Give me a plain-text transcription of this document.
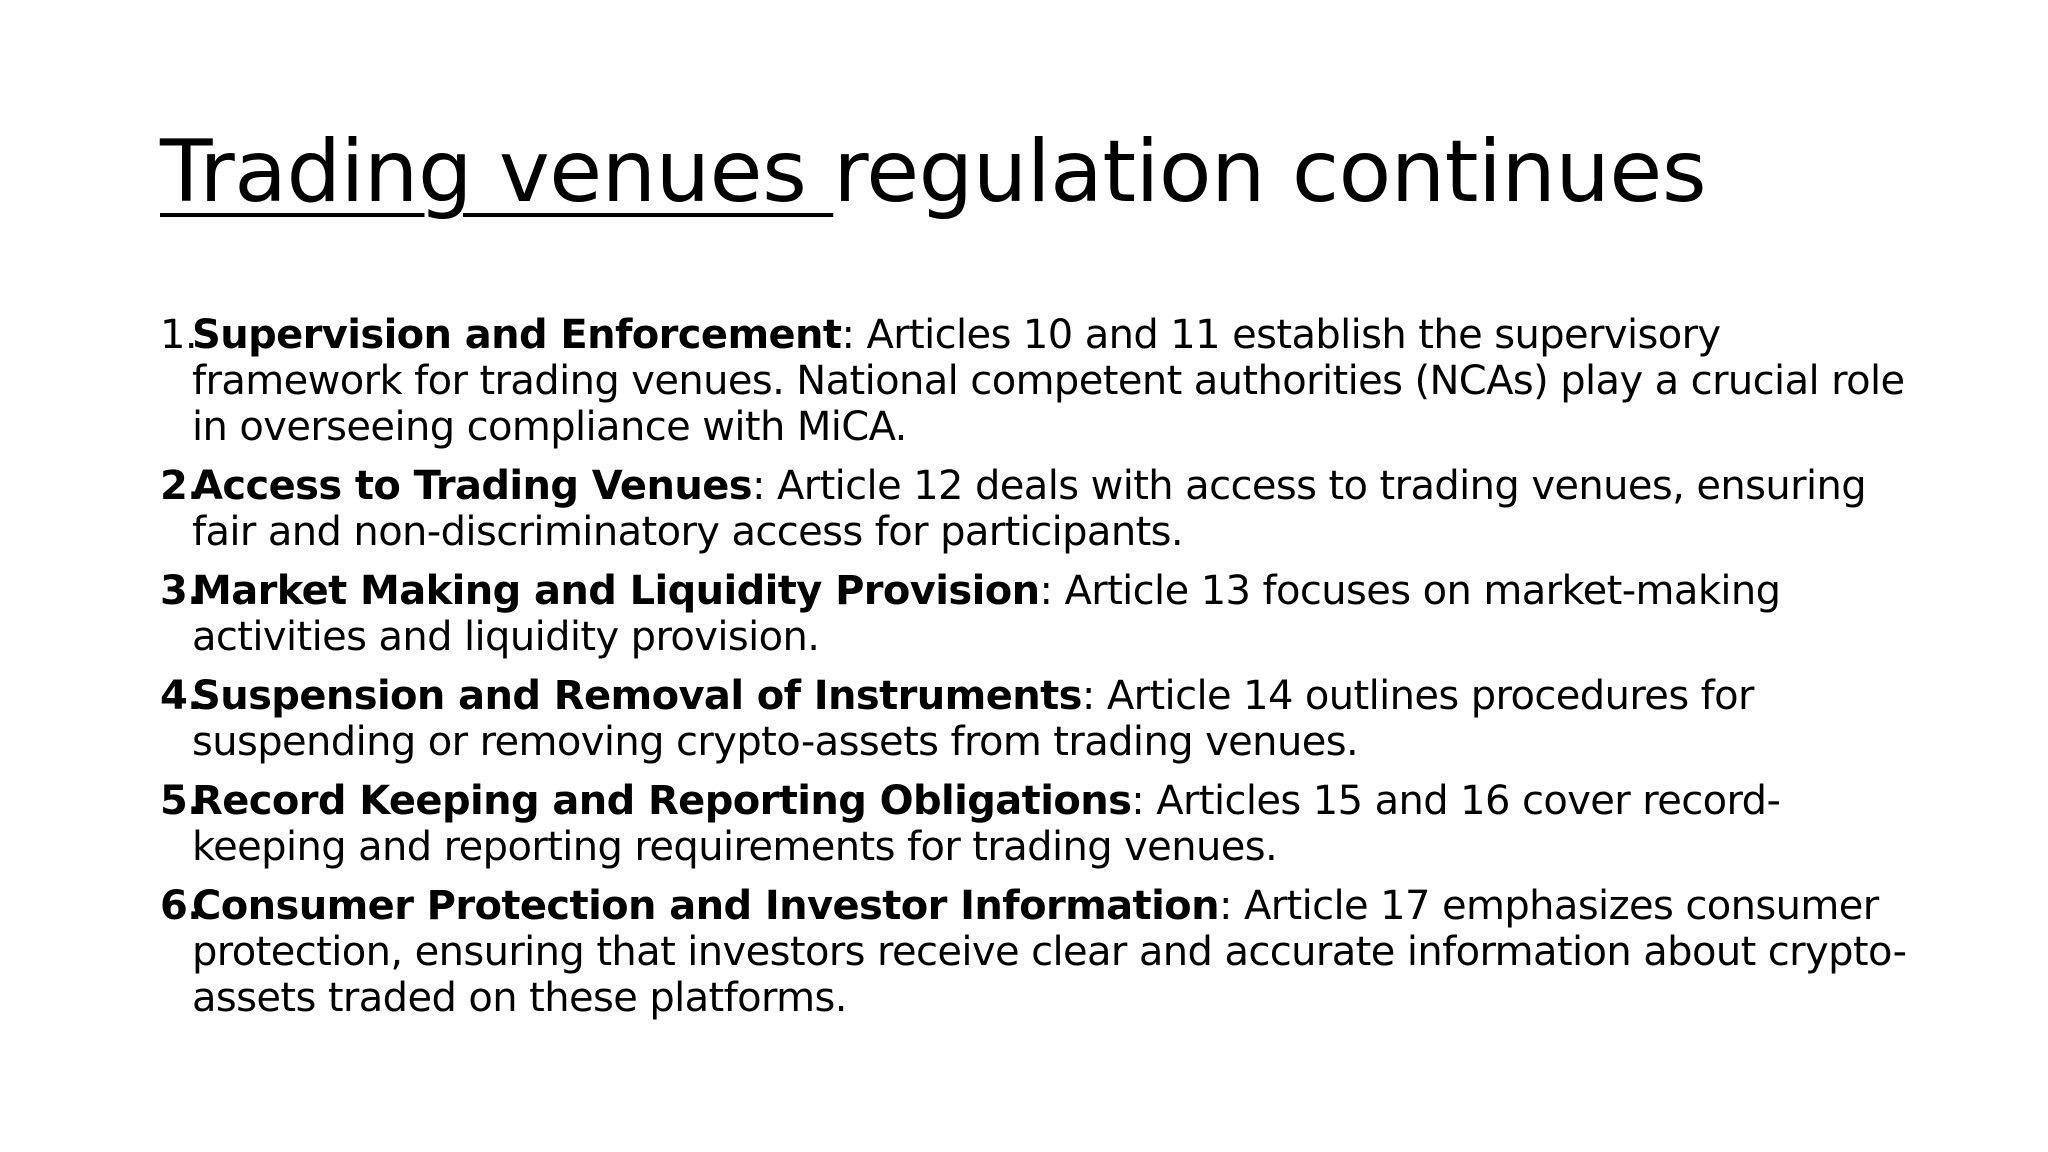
Trading venues regulation continues
1.
Supervision and Enforcement: Articles 10 and 11 establish the supervisory framework for trading venues. National competent authorities (NCAs) play a crucial role in overseeing compliance with MiCA.
2.
Access to Trading Venues: Article 12 deals with access to trading venues, ensuring fair and non-discriminatory access for participants.
3.
Market Making and Liquidity Provision: Article 13 focuses on market-making activities and liquidity provision.
4.
Suspension and Removal of Instruments: Article 14 outlines procedures for suspending or removing crypto-assets from trading venues.
5.
Record Keeping and Reporting Obligations: Articles 15 and 16 cover record-keeping and reporting requirements for trading venues.
6.
Consumer Protection and Investor Information: Article 17 emphasizes consumer protection, ensuring that investors receive clear and accurate information about crypto-assets traded on these platforms.
